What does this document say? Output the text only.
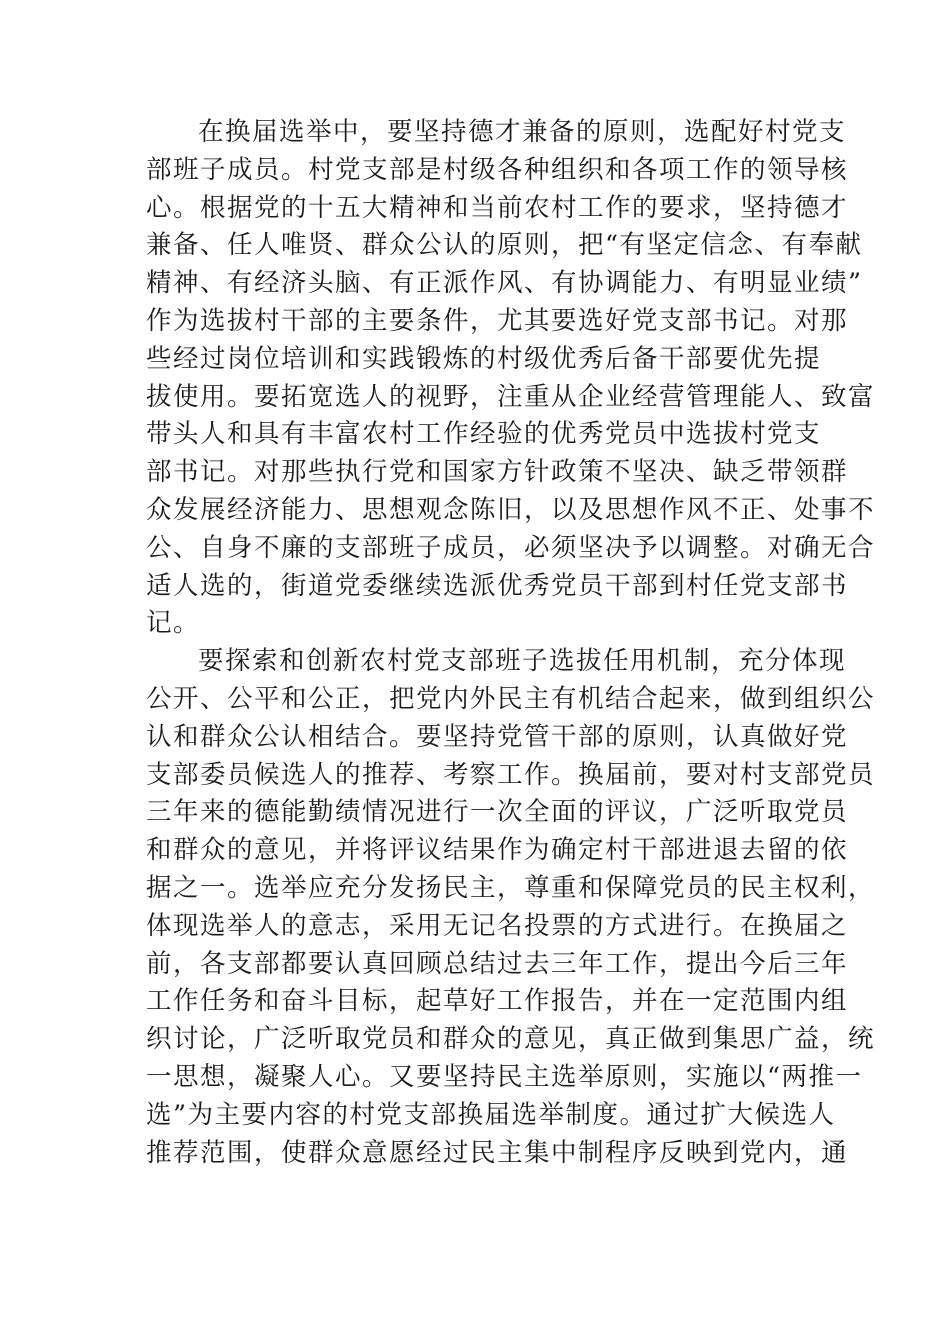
在换届选举中，要坚持德才兼备的原则，选配好村党支
部班子成员。村党支部是村级各种组织和各项工作的领导核
心。根据党的十五大精神和当前农村工作的要求，坚持德才
兼备、任人唯贤、群众公认的原则，把“有坚定信念、有奉献
精神、有经济头脑、有正派作风、有协调能力、有明显业绩”
作为选拔村干部的主要条件，尤其要选好党支部书记。对那
些经过岗位培训和实践锻炼的村级优秀后备干部要优先提
拔使用。要拓宽选人的视野，注重从企业经营管理能人、致富
带头人和具有丰富农村工作经验的优秀党员中选拔村党支
部书记。对那些执行党和国家方针政策不坚决、缺乏带领群
众发展经济能力、思想观念陈旧，以及思想作风不正、处事不
公、自身不廉的支部班子成员，必须坚决予以调整。对确无合
适人选的，街道党委继续选派优秀党员干部到村任党支部书
记。
要探索和创新农村党支部班子选拔任用机制，充分体现
公开、公平和公正，把党内外民主有机结合起来，做到组织公
认和群众公认相结合。要坚持党管干部的原则，认真做好党
支部委员候选人的推荐、考察工作。换届前，要对村支部党员
三年来的德能勤绩情况进行一次全面的评议，广泛听取党员
和群众的意见，并将评议结果作为确定村干部进退去留的依
据之一。选举应充分发扬民主，尊重和保障党员的民主权利，
体现选举人的意志，采用无记名投票的方式进行。在换届之
前，各支部都要认真回顾总结过去三年工作，提出今后三年
工作任务和奋斗目标，起草好工作报告，并在一定范围内组
织讨论，广泛听取党员和群众的意见，真正做到集思广益，统
一思想，凝聚人心。又要坚持民主选举原则，实施以“两推一
选”为主要内容的村党支部换届选举制度。通过扩大候选人
推荐范围，使群众意愿经过民主集中制程序反映到党内，通
